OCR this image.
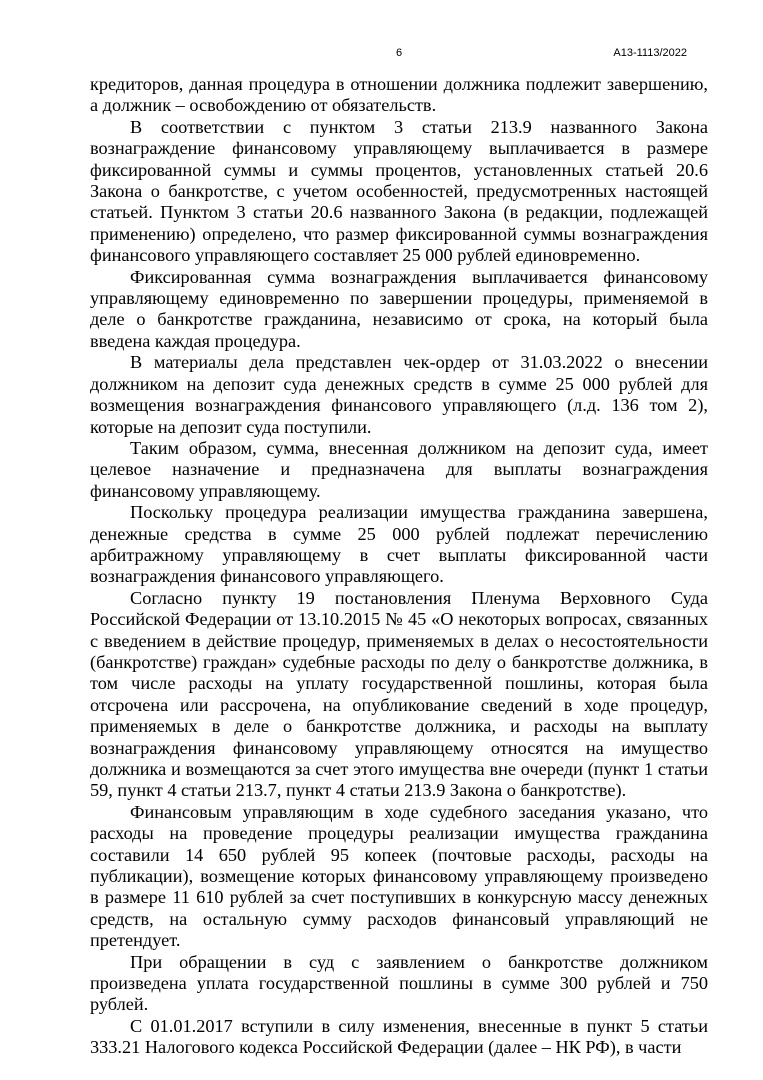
6	А13-1113/2022

кредиторов, данная процедура в отношении должника подлежит завершению, а должник – освобождению от обязательств.

В соответствии с пунктом 3 статьи 213.9 названного Закона вознаграждение финансовому управляющему выплачивается в размере фиксированной суммы и суммы процентов, установленных статьей 20.6 Закона о банкротстве, с учетом особенностей, предусмотренных настоящей статьей. Пунктом 3 статьи 20.6 названного Закона (в редакции, подлежащей применению) определено, что размер фиксированной суммы вознаграждения финансового управляющего составляет 25 000 рублей единовременно.

Фиксированная сумма вознаграждения выплачивается финансовому управляющему единовременно по завершении процедуры, применяемой в деле о банкротстве гражданина, независимо от срока, на который была введена каждая процедура.

В материалы дела представлен чек-ордер от 31.03.2022 о внесении должником на депозит суда денежных средств в сумме 25 000 рублей для возмещения вознаграждения финансового управляющего (л.д. 136 том 2), которые на депозит суда поступили.

Таким образом, сумма, внесенная должником на депозит суда, имеет целевое назначение и предназначена для выплаты вознаграждения финансовому управляющему.

Поскольку процедура реализации имущества гражданина завершена, денежные средства в сумме 25 000 рублей подлежат перечислению арбитражному управляющему в счет выплаты фиксированной части вознаграждения финансового управляющего.

Согласно пункту 19 постановления Пленума Верховного Суда Российской Федерации от 13.10.2015 № 45 «О некоторых вопросах, связанных с введением в действие процедур, применяемых в делах о несостоятельности (банкротстве) граждан» судебные расходы по делу о банкротстве должника, в том числе расходы на уплату государственной пошлины, которая была отсрочена или рассрочена, на опубликование сведений в ходе процедур, применяемых в деле о банкротстве должника, и расходы на выплату вознаграждения финансовому управляющему относятся на имущество должника и возмещаются за счет этого имущества вне очереди (пункт 1 статьи 59, пункт 4 статьи 213.7, пункт 4 статьи 213.9 Закона о банкротстве).

Финансовым управляющим в ходе судебного заседания указано, что расходы на проведение процедуры реализации имущества гражданина составили 14 650 рублей 95 копеек (почтовые расходы, расходы на публикации), возмещение которых финансовому управляющему произведено в размере 11 610 рублей за счет поступивших в конкурсную массу денежных средств, на остальную сумму расходов финансовый управляющий не претендует.

При обращении в суд с заявлением о банкротстве должником произведена уплата государственной пошлины в сумме 300 рублей и 750 рублей.

С 01.01.2017 вступили в силу изменения, внесенные в пункт 5 статьи 333.21 Налогового кодекса Российской Федерации (далее – НК РФ), в части
